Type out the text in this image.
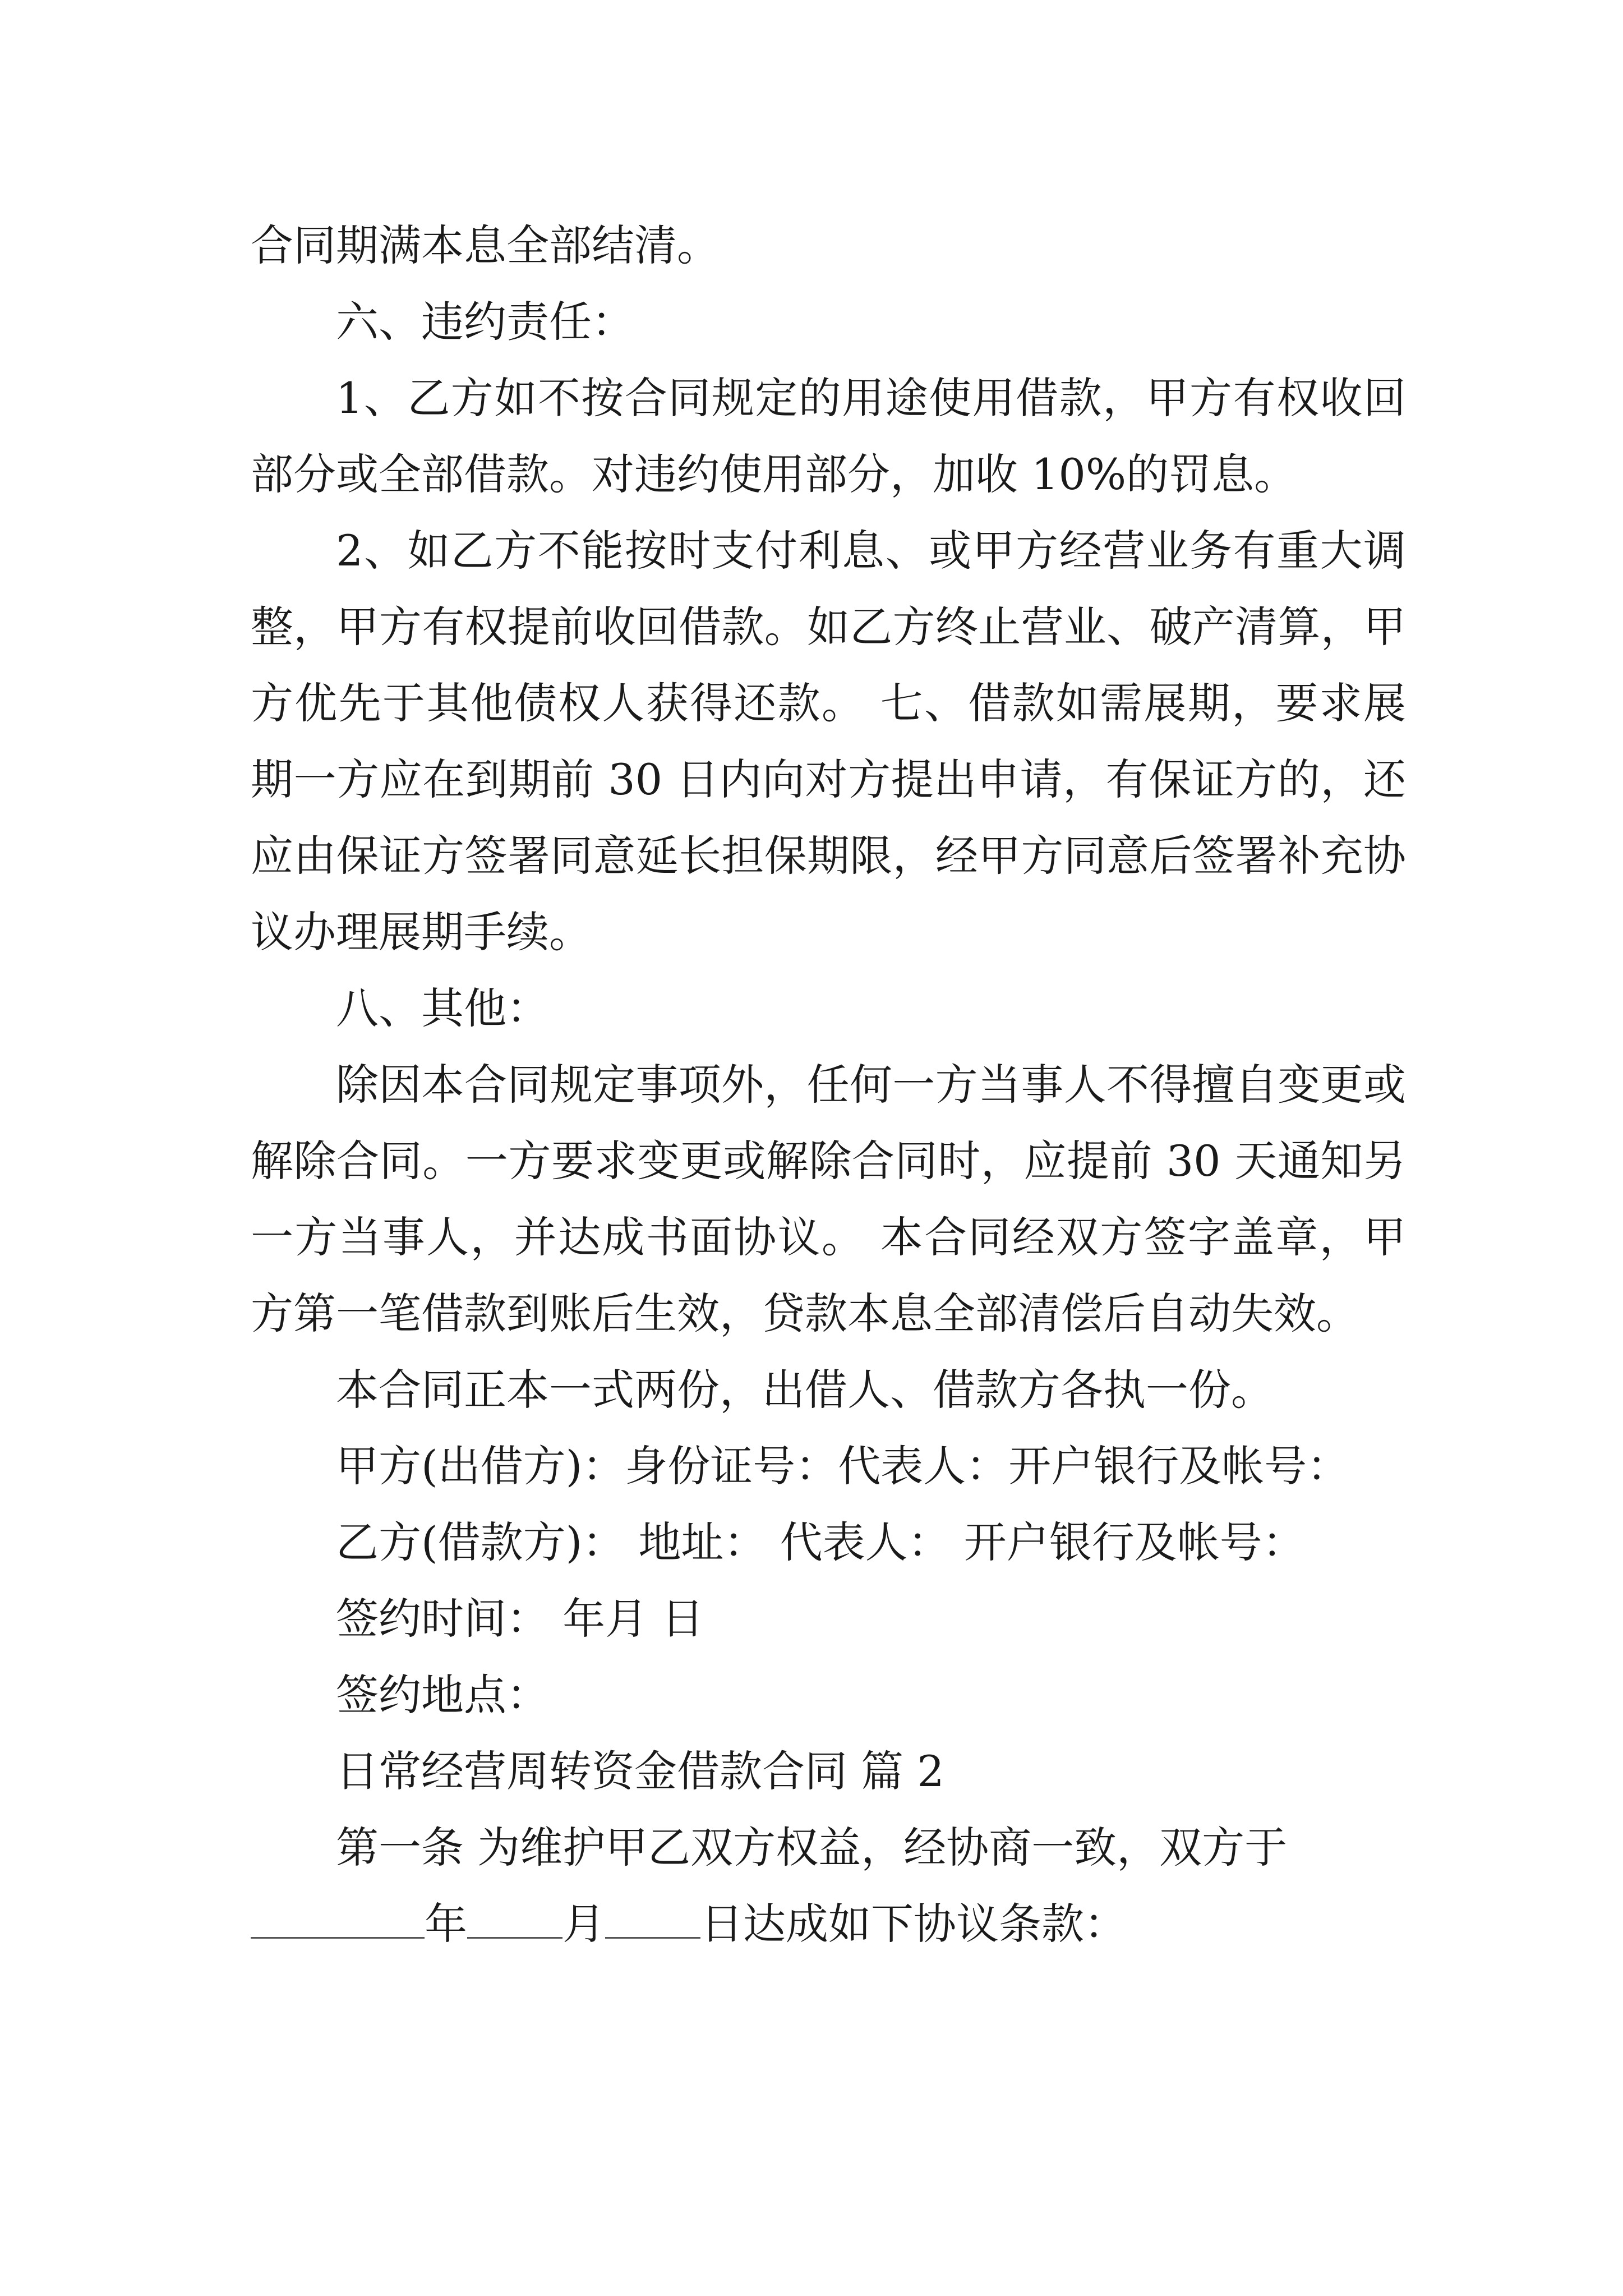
合同期满本息全部结清。

六、违约责任：

1、乙方如不按合同规定的用途使用借款，甲方有权收回部分或全部借款。对违约使用部分，加收 10%的罚息。

2、如乙方不能按时支付利息、或甲方经营业务有重大调整，甲方有权提前收回借款。如乙方终止营业、破产清算，甲方优先于其他债权人获得还款。 七、借款如需展期，要求展期一方应在到期前 30 日内向对方提出申请，有保证方的，还应由保证方签署同意延长担保期限，经甲方同意后签署补充协议办理展期手续。

八、其他：

除因本合同规定事项外，任何一方当事人不得擅自变更或解除合同。一方要求变更或解除合同时，应提前 30 天通知另一方当事人，并达成书面协议。 本合同经双方签字盖章，甲方第一笔借款到账后生效，贷款本息全部清偿后自动失效。

本合同正本一式两份，出借人、借款方各执一份。

甲方(出借方)：身份证号：代表人：开户银行及帐号：

乙方(借款方)： 地址： 代表人： 开户银行及帐号：

签约时间： 年月 日

签约地点：

日常经营周转资金借款合同 篇 2

第一条 为维护甲乙双方权益，经协商一致，双方于

年 月 日达成如下协议条款：
